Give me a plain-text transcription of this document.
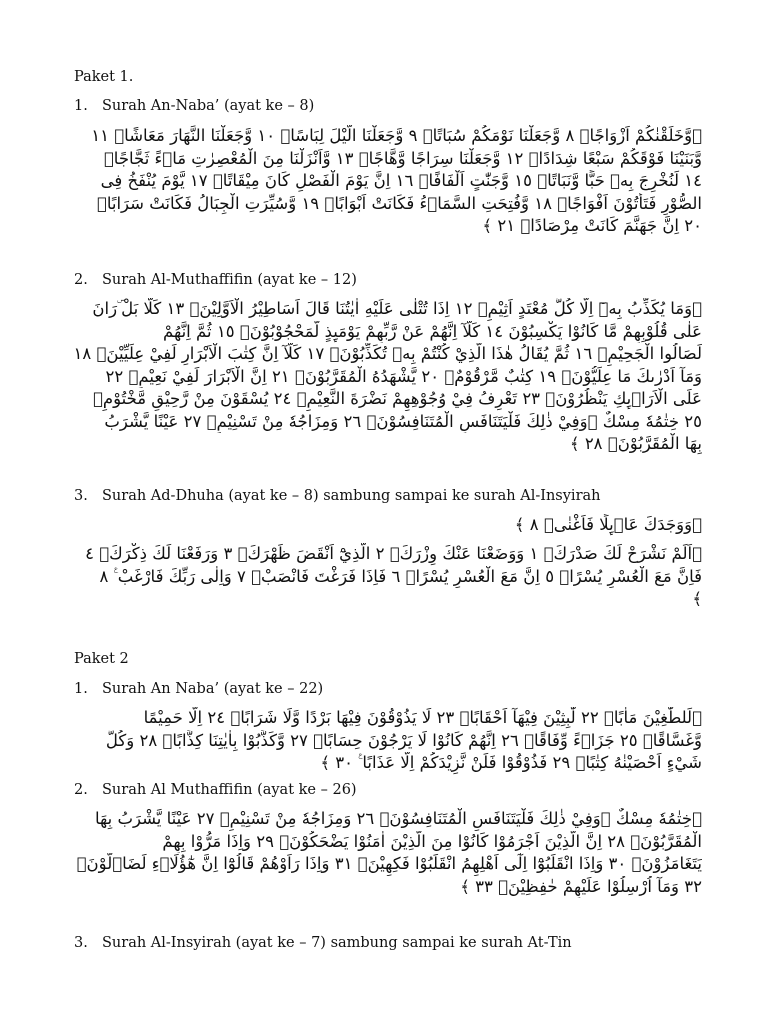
Paket 1.
1. Surah An-Naba’ (ayat ke – 8)
﴿وَّخَلَقْنٰكُمْ اَزْوَاجًاۙ ٨ وَّجَعَلْنَا نَوْمَكُمْ سُبَاتًاۙ ٩ وَّجَعَلْنَا الَّيْلَ لِبَاسًاۙ ١٠ وَّجَعَلْنَا النَّهَارَ مَعَاشًاۖ ١١
وَّبَنَيْنَا فَوْقَكُمْ سَبْعًا شِدَادًاۙ ١٢ وَّجَعَلْنَا سِرَاجًا وَّهَّاجًاۖ ١٣ وَّاَنْزَلْنَا مِنَ الْمُعْصِرٰتِ مَاۤءً ثَجَّاجًاۙ
١٤ لِّنُخْرِجَ بِهٖ حَبًّا وَّنَبَاتًاۙ ١٥ وَّجَنّٰتٍ اَلْفَافًاۗ ١٦ اِنَّ يَوْمَ الْفَصْلِ كَانَ مِيْقَاتًاۙ ١٧ يَّوْمَ يُنْفَخُ فِى
الصُّوْرِ فَتَأْتُوْنَ اَفْوَاجًاۙ ١٨ وَّفُتِحَتِ السَّمَاۤءُ فَكَانَتْ اَبْوَابًاۙ ١٩ وَّسُيِّرَتِ الْجِبَالُ فَكَانَتْ سَرَابًاۗ
٢٠ اِنَّ جَهَنَّمَ كَانَتْ مِرْصَادًاۙ ٢١ ﴾
2. Surah Al-Muthaffifin (ayat ke – 12)
﴿وَمَا يُكَذِّبُ بِهٖٓ اِلَّا كُلُّ مُعْتَدٍ اَثِيْمٍۙ ١٢ اِذَا تُتْلٰى عَلَيْهِ اٰيٰتُنَا قَالَ اَسَاطِيْرُ الْاَوَّلِيْنَۗ ١٣ كَلَّا بَلْ ۜرَانَ
عَلٰى قُلُوْبِهِمْ مَّا كَانُوْا يَكْسِبُوْنَ ١٤ كَلَّآ اِنَّهُمْ عَنْ رَّبِّهِمْ يَوْمَىِٕذٍ لَّمَحْجُوْبُوْنَۗ ١٥ ثُمَّ اِنَّهُمْ
لَصَالُوا الْجَحِيْمِۗ ١٦ ثُمَّ يُقَالُ هٰذَا الَّذِيْ كُنْتُمْ بِهٖ تُكَذِّبُوْنَۗ ١٧ كَلَّآ اِنَّ كِتٰبَ الْاَبْرَارِ لَفِيْ عِلِّيِّيْنَۗ ١٨
وَمَآ اَدْرٰىكَ مَا عِلِّيُّوْنَۗ ١٩ كِتٰبٌ مَّرْقُوْمٌۙ ٢٠ يَّشْهَدُهُ الْمُقَرَّبُوْنَۗ ٢١ اِنَّ الْاَبْرَارَ لَفِيْ نَعِيْمٍۙ ٢٢
عَلَى الْاَرَاۤىِٕكِ يَنْظُرُوْنَۙ ٢٣ تَعْرِفُ فِيْ وُجُوْهِهِمْ نَضْرَةَ النَّعِيْمِۚ ٢٤ يُسْقَوْنَ مِنْ رَّحِيْقٍ مَّخْتُوْمٍۙ
٢٥ خِتٰمُهٗ مِسْكٌ ۗوَفِيْ ذٰلِكَ فَلْيَتَنَافَسِ الْمُتَنَافِسُوْنَۗ ٢٦ وَمِزَاجُهٗ مِنْ تَسْنِيْمٍۙ ٢٧ عَيْنًا يَّشْرَبُ
بِهَا الْمُقَرَّبُوْنَۗ ٢٨ ﴾
3. Surah Ad-Dhuha (ayat ke – 8) sambung sampai ke surah Al-Insyirah
﴿وَوَجَدَكَ عَاۤىِٕلًا فَاَغْنٰىۗ ٨ ﴾
﴿اَلَمْ نَشْرَحْ لَكَ صَدْرَكَۙ ١ وَوَضَعْنَا عَنْكَ وِزْرَكَۙ ٢ الَّذِيْٓ اَنْقَضَ ظَهْرَكَۙ ٣ وَرَفَعْنَا لَكَ ذِكْرَكَۗ ٤
فَاِنَّ مَعَ الْعُسْرِ يُسْرًاۙ ٥ اِنَّ مَعَ الْعُسْرِ يُسْرًاۗ ٦ فَاِذَا فَرَغْتَ فَانْصَبْۙ ٧ وَاِلٰى رَبِّكَ فَارْغَبْ ࣖ ٨
﴾
Paket 2
1. Surah An Naba’ (ayat ke – 22)
﴿لِّلطّٰغِيْنَ مَاٰبًاۙ ٢٢ لّٰبِثِيْنَ فِيْهَآ اَحْقَابًاۚ ٢٣ لَا يَذُوْقُوْنَ فِيْهَا بَرْدًا وَّلَا شَرَابًاۙ ٢٤ اِلَّا حَمِيْمًا
وَّغَسَّاقًاۙ ٢٥ جَزَاۤءً وِّفَاقًاۗ ٢٦ اِنَّهُمْ كَانُوْا لَا يَرْجُوْنَ حِسَابًاۙ ٢٧ وَّكَذَّبُوْا بِاٰيٰتِنَا كِذَّابًاۗ ٢٨ وَكُلَّ
شَيْءٍ اَحْصَيْنٰهُ كِتٰبًاۙ ٢٩ فَذُوْقُوْا فَلَنْ نَّزِيْدَكُمْ اِلَّا عَذَابًا ࣖ ٣٠ ﴾
2. Surah Al Muthaffifin (ayat ke – 26)
﴿خِتٰمُهٗ مِسْكٌ ۗوَفِيْ ذٰلِكَ فَلْيَتَنَافَسِ الْمُتَنَافِسُوْنَۗ ٢٦ وَمِزَاجُهٗ مِنْ تَسْنِيْمٍۙ ٢٧ عَيْنًا يَّشْرَبُ بِهَا
الْمُقَرَّبُوْنَۗ ٢٨ اِنَّ الَّذِيْنَ اَجْرَمُوْا كَانُوْا مِنَ الَّذِيْنَ اٰمَنُوْا يَضْحَكُوْنَۖ ٢٩ وَاِذَا مَرُّوْا بِهِمْ
يَتَغَامَزُوْنَۖ ٣٠ وَاِذَا انْقَلَبُوْٓا اِلٰٓى اَهْلِهِمُ انْقَلَبُوْا فَكِهِيْنَۖ ٣١ وَاِذَا رَاَوْهُمْ قَالُوْٓا اِنَّ هٰٓؤُلَاۤءِ لَضَاۤلُّوْنَۙ
٣٢ وَمَآ اُرْسِلُوْا عَلَيْهِمْ حٰفِظِيْنَۗ ٣٣ ﴾
3. Surah Al-Insyirah (ayat ke – 7) sambung sampai ke surah At-Tin
